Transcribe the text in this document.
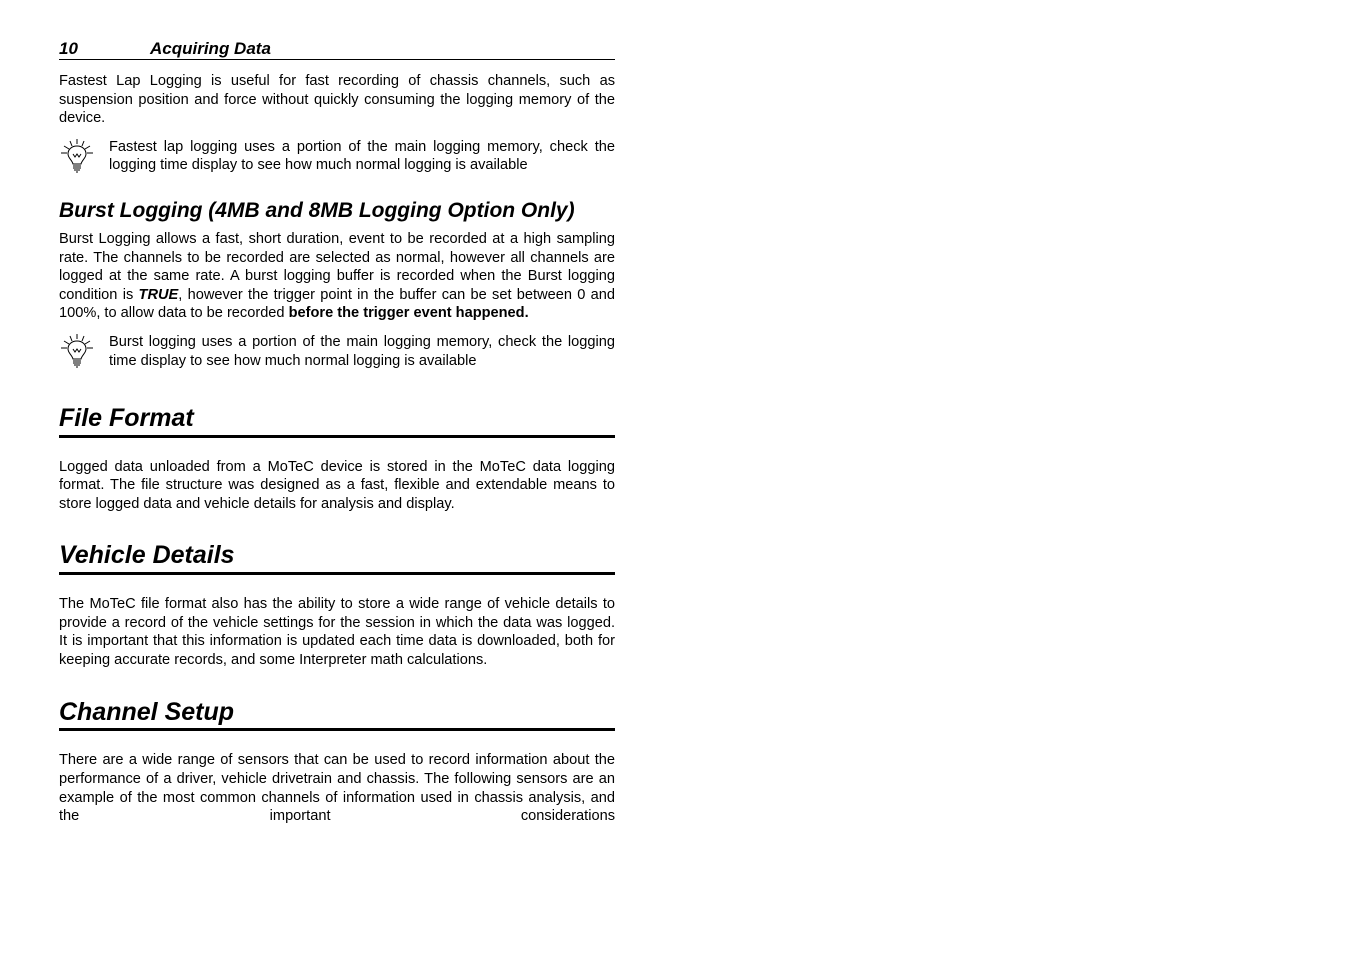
10	Acquiring Data

Fastest Lap Logging is useful for fast recording of chassis channels, such as suspension position and force without quickly consuming the logging memory of the device.

Fastest lap logging uses a portion of the main logging memory, check the logging time display to see how much normal logging is available

Burst Logging (4MB and 8MB Logging Option Only)

Burst Logging allows a fast, short duration, event to be recorded at a high sampling rate. The channels to be recorded are selected as normal, however all channels are logged at the same rate. A burst logging buffer is recorded when the Burst logging condition is TRUE, however the trigger point in the buffer can be set between 0 and 100%, to allow data to be recorded before the trigger event happened.

Burst logging uses a portion of the main logging memory, check the logging time display to see how much normal logging is available

File Format

Logged data unloaded from a MoTeC device is stored in the MoTeC data logging format. The file structure was designed as a fast, flexible and extendable means to store logged data and vehicle details for analysis and display.

Vehicle Details

The MoTeC file format also has the ability to store a wide range of vehicle details to provide a record of the vehicle settings for the session in which the data was logged. It is important that this information is updated each time data is downloaded, both for keeping accurate records, and some Interpreter math calculations.

Channel Setup

There are a wide range of sensors that can be used to record information about the performance of a driver, vehicle drivetrain and chassis. The following sensors are an example of the most common channels of information used in chassis analysis, and the important considerations
